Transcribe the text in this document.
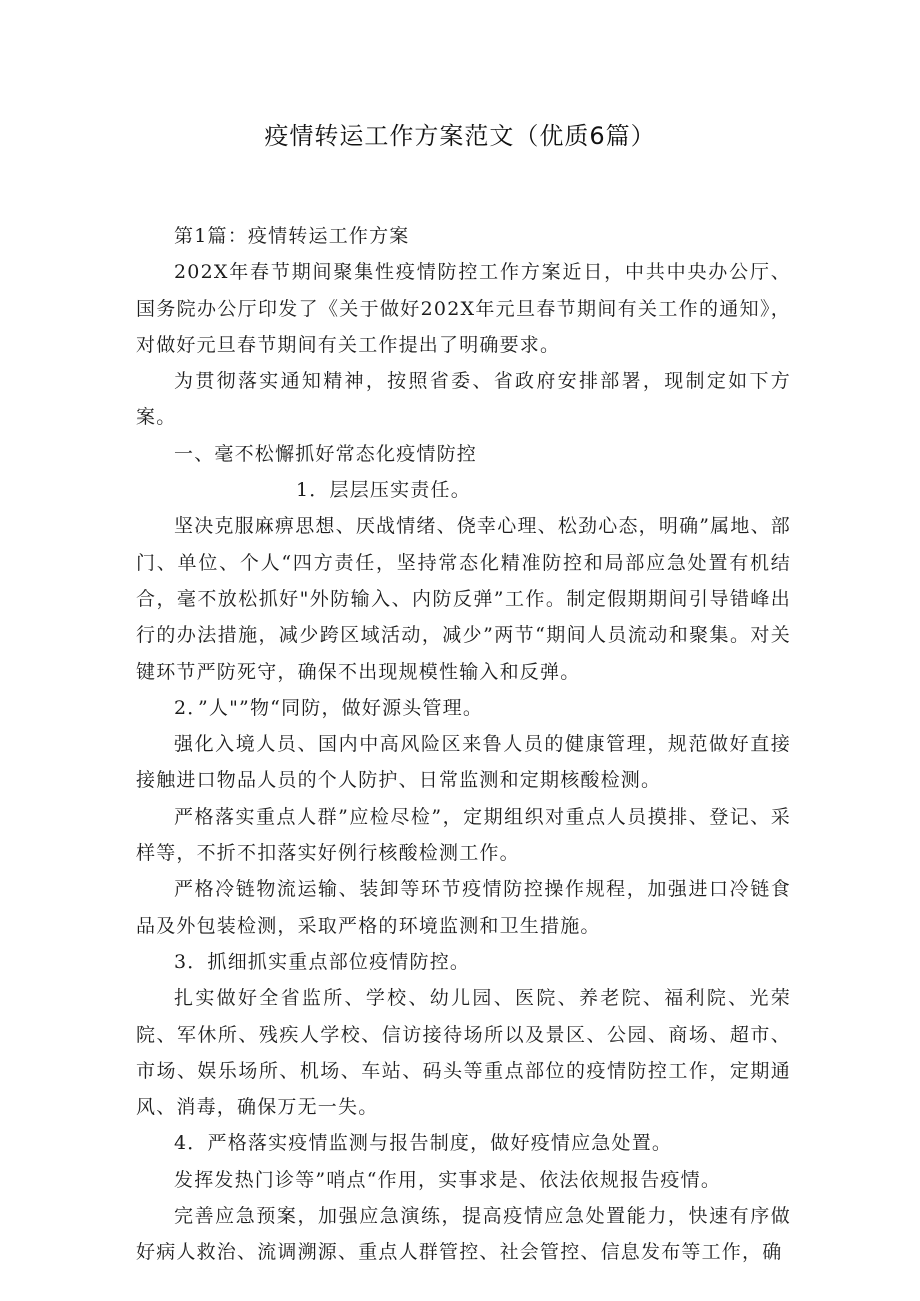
疫情转运工作方案范文（优质6篇）

第1篇：疫情转运工作方案

202X年春节期间聚集性疫情防控工作方案近日，中共中央办公厅、国务院办公厅印发了《关于做好202X年元旦春节期间有关工作的通知》，对做好元旦春节期间有关工作提出了明确要求。

为贯彻落实通知精神，按照省委、省政府安排部署，现制定如下方案。

一、毫不松懈抓好常态化疫情防控

1．层层压实责任。

坚决克服麻痹思想、厌战情绪、侥幸心理、松劲心态，明确”属地、部门、单位、个人“四方责任，坚持常态化精准防控和局部应急处置有机结合，毫不放松抓好"外防输入、内防反弹”工作。制定假期期间引导错峰出行的办法措施，减少跨区域活动，减少”两节“期间人员流动和聚集。对关键环节严防死守，确保不出现规模性输入和反弹。

2．”人"”物“同防，做好源头管理。

强化入境人员、国内中高风险区来鲁人员的健康管理，规范做好直接接触进口物品人员的个人防护、日常监测和定期核酸检测。

严格落实重点人群”应检尽检”，定期组织对重点人员摸排、登记、采样等，不折不扣落实好例行核酸检测工作。

严格冷链物流运输、装卸等环节疫情防控操作规程，加强进口冷链食品及外包装检测，采取严格的环境监测和卫生措施。

3．抓细抓实重点部位疫情防控。

扎实做好全省监所、学校、幼儿园、医院、养老院、福利院、光荣院、军休所、残疾人学校、信访接待场所以及景区、公园、商场、超市、市场、娱乐场所、机场、车站、码头等重点部位的疫情防控工作，定期通风、消毒，确保万无一失。

4．严格落实疫情监测与报告制度，做好疫情应急处置。

发挥发热门诊等”哨点“作用，实事求是、依法依规报告疫情。

完善应急预案，加强应急演练，提高疫情应急处置能力，快速有序做好病人救治、流调溯源、重点人群管控、社会管控、信息发布等工作，确
